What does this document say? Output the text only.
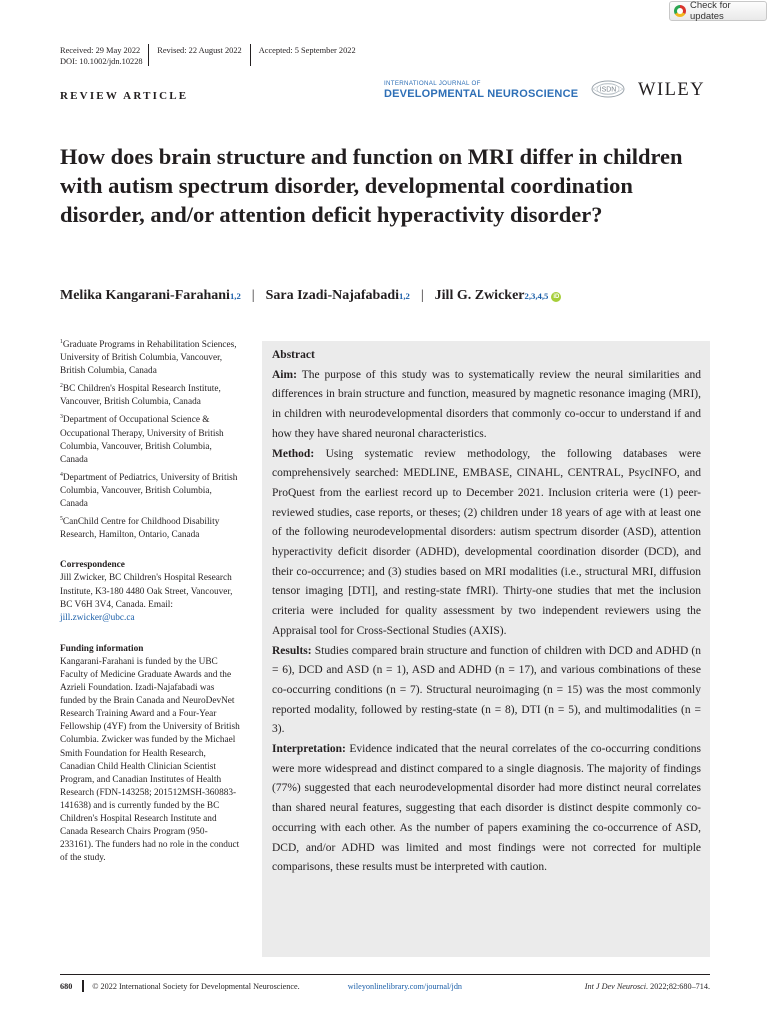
Check for updates
Received: 29 May 2022 Revised: 22 August 2022 Accepted: 5 September 2022
DOI: 10.1002/jdn.10228
REVIEW ARTICLE
INTERNATIONAL JOURNAL OF
DEVELOPMENTAL NEUROSCIENCE	ISDN WILEY
How does brain structure and function on MRI differ in children with autism spectrum disorder, developmental coordination disorder, and/or attention deficit hyperactivity disorder?
Melika Kangarani-Farahani 1,2 | Sara Izadi-Najafabadi 1,2 | Jill G. Zwicker 2,3,4,5 iD

$^1$Graduate Programs in Rehabilitation Sciences, University of British Columbia, Vancouver, British Columbia, Canada

$^2$BC Children's Hospital Research Institute, Vancouver, British Columbia, Canada

$^3$Department of Occupational Science & Occupational Therapy, University of British Columbia, Vancouver, British Columbia, Canada

$^4$Department of Pediatrics, University of British Columbia, Vancouver, British Columbia, Canada

$^5$CanChild Centre for Childhood Disability Research, Hamilton, Ontario, Canada

Correspondence
Jill Zwicker, BC Children's Hospital Research Institute, K3-180 4480 Oak Street, Vancouver, BC V6H 3V4, Canada. Email: jill.zwicker@ubc.ca
Funding information
Kangarani-Farahani is funded by the UBC Faculty of Medicine Graduate Awards and the Azrieli Foundation. Izadi-Najafabadi was funded by the Brain Canada and NeuroDevNet Research Training Award and a Four-Year Fellowship (4YF) from the University of British Columbia. Zwicker was funded by the Michael Smith Foundation for Health Research, Canadian Child Health Clinician Scientist Program, and Canadian Institutes of Health Research (FDN-143258; 201512MSH-360883-141638) and is currently funded by the BC Children's Hospital Research Institute and Canada Research Chairs Program (950-233161). The funders had no role in the conduct of the study.
Abstract

Aim: The purpose of this study was to systematically review the neural similarities and differences in brain structure and function, measured by magnetic resonance imaging (MRI), in children with neurodevelopmental disorders that commonly co-occur to understand if and how they have shared neuronal characteristics.

Method: Using systematic review methodology, the following databases were comprehensively searched: MEDLINE, EMBASE, CINAHL, CENTRAL, PsycINFO, and ProQuest from the earliest record up to December 2021. Inclusion criteria were (1) peer-reviewed studies, case reports, or theses; (2) children under 18 years of age with at least one of the following neurodevelopmental disorders: autism spectrum disorder (ASD), attention hyperactivity deficit disorder (ADHD), developmental coordination disorder (DCD), and their co-occurrence; and (3) studies based on MRI modalities (i.e., structural MRI, diffusion tensor imaging [DTI], and resting-state fMRI). Thirty-one studies that met the inclusion criteria were included for quality assessment by two independent reviewers using the Appraisal tool for Cross-Sectional Studies (AXIS).

Results: Studies compared brain structure and function of children with DCD and ADHD (n = 6), DCD and ASD (n = 1), ASD and ADHD (n = 17), and various combinations of these co-occurring conditions (n = 7). Structural neuroimaging (n = 15) was the most commonly reported modality, followed by resting-state (n = 8), DTI (n = 5), and multimodalities (n = 3).

Interpretation: Evidence indicated that the neural correlates of the co-occurring conditions were more widespread and distinct compared to a single diagnosis. The majority of findings (77%) suggested that each neurodevelopmental disorder had more distinct neural correlates than shared neural features, suggesting that each disorder is distinct despite commonly co-occurring with each other. As the number of papers examining the co-occurrence of ASD, DCD, and/or ADHD was limited and most findings were not corrected for multiple comparisons, these results must be interpreted with caution.

680 © 2022 International Society for Developmental Neuroscience.	wileyonlinelibrary.com/journal/jdn	Int J Dev Neurosci. 2022;82:680–714.
